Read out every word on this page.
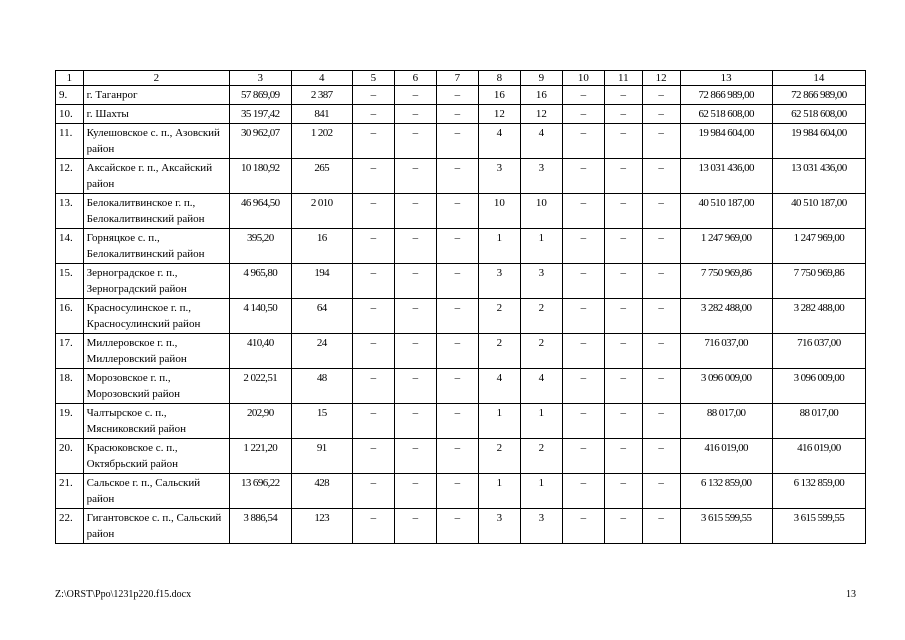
1	2	3	4	5	6	7	8	9	10	11	12	13	14
9.	г. Таганрог	57 869,09	2 387	–	–	–	16	16	–	–	–	72 866 989,00	72 866 989,00
10.	г. Шахты	35 197,42	841	–	–	–	12	12	–	–	–	62 518 608,00	62 518 608,00
11.	Кулешовское с. п., Азовский район	30 962,07	1 202	–	–	–	4	4	–	–	–	19 984 604,00	19 984 604,00
12.	Аксайское г. п., Аксайский район	10 180,92	265	–	–	–	3	3	–	–	–	13 031 436,00	13 031 436,00
13.	Белокалитвинское г. п., Белокалитвинский район	46 964,50	2 010	–	–	–	10	10	–	–	–	40 510 187,00	40 510 187,00
14.	Горняцкое с. п., Белокалитвинский район	395,20	16	–	–	–	1	1	–	–	–	1 247 969,00	1 247 969,00
15.	Зерноградское г. п., Зерноградский район	4 965,80	194	–	–	–	3	3	–	–	–	7 750 969,86	7 750 969,86
16.	Красносулинское г. п., Красносулинский район	4 140,50	64	–	–	–	2	2	–	–	–	3 282 488,00	3 282 488,00
17.	Миллеровское г. п., Миллеровский район	410,40	24	–	–	–	2	2	–	–	–	716 037,00	716 037,00
18.	Морозовское г. п., Морозовский район	2 022,51	48	–	–	–	4	4	–	–	–	3 096 009,00	3 096 009,00
19.	Чалтырское с. п., Мясниковский район	202,90	15	–	–	–	1	1	–	–	–	88 017,00	88 017,00
20.	Красюковское с. п., Октябрьский район	1 221,20	91	–	–	–	2	2	–	–	–	416 019,00	416 019,00
21.	Сальское г. п., Сальский район	13 696,22	428	–	–	–	1	1	–	–	–	6 132 859,00	6 132 859,00
22.	Гигантовское с. п., Сальский район	3 886,54	123	–	–	–	3	3	–	–	–	3 615 599,55	3 615 599,55
Z:\ORST\Ppo\1231p220.f15.docx	13
